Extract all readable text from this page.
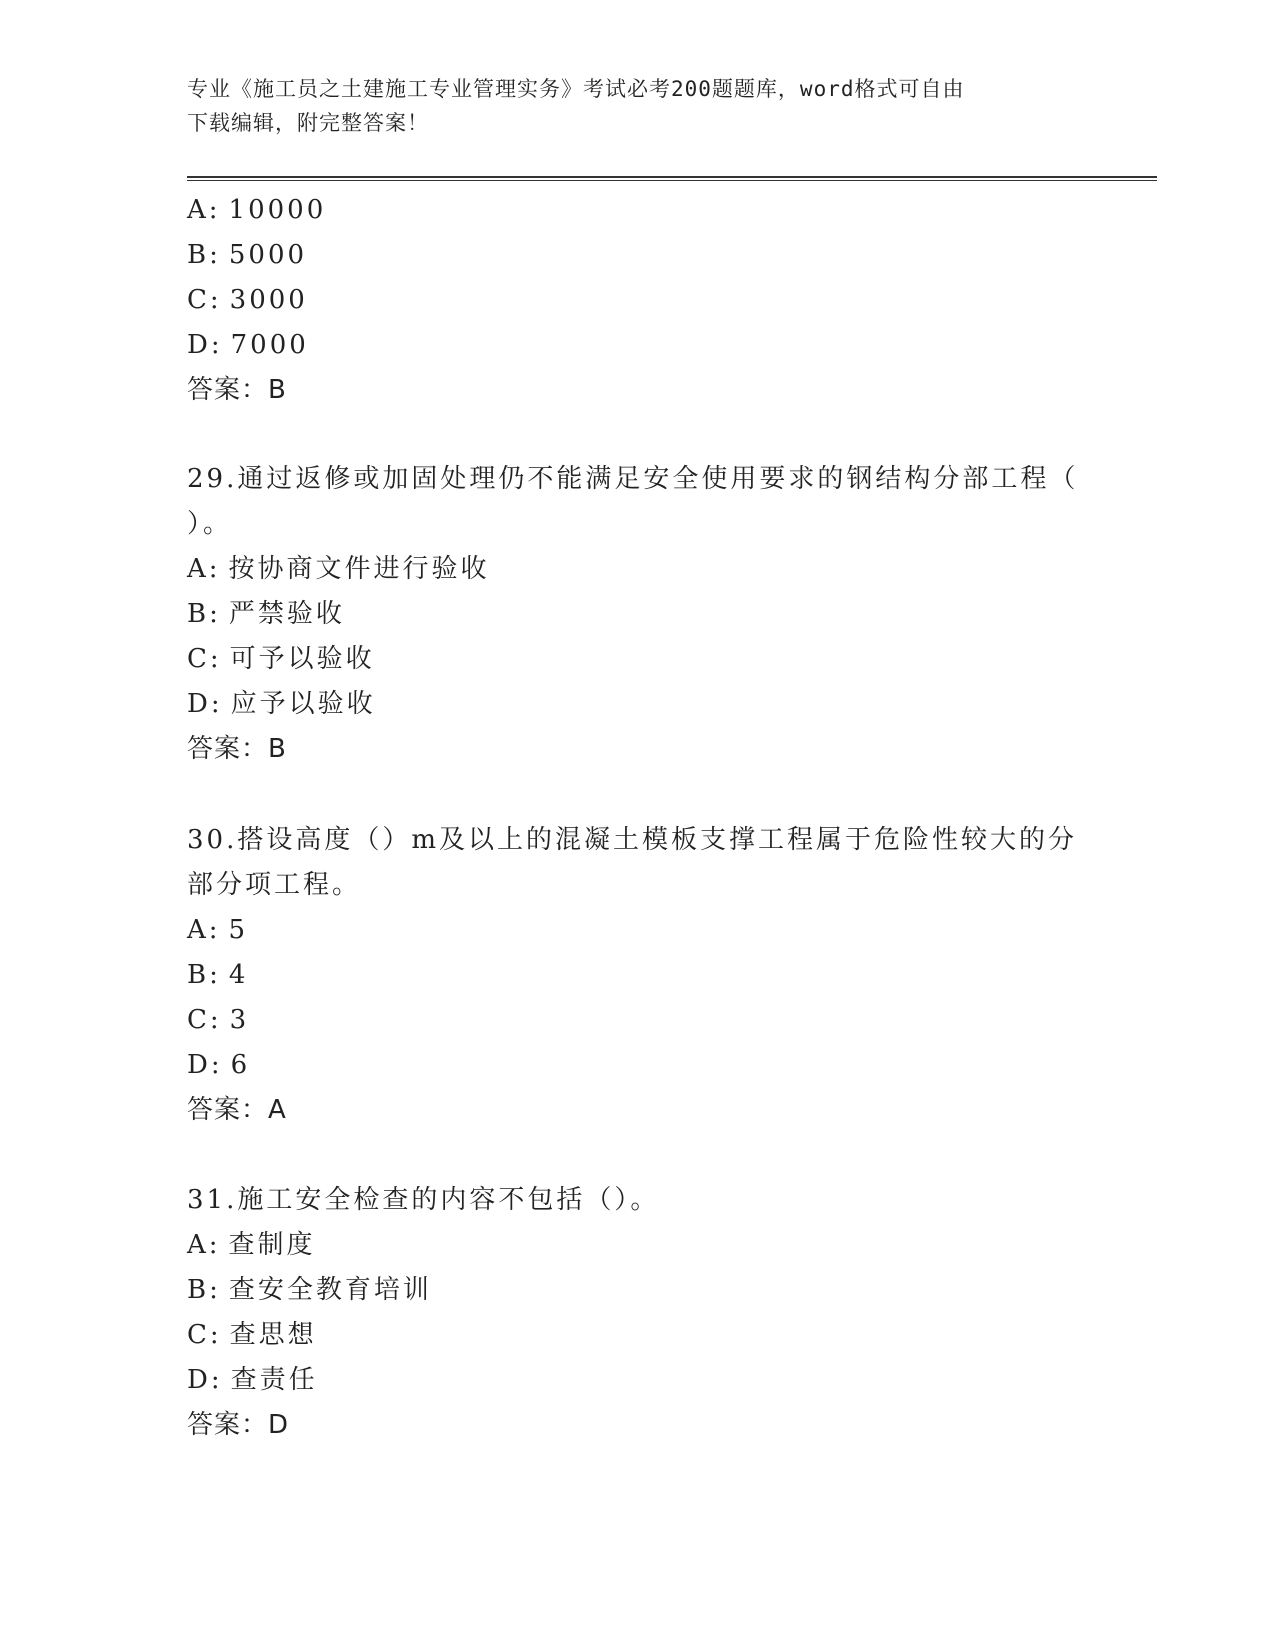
专业《施工员之土建施工专业管理实务》考试必考200题题库，word格式可自由
下载编辑，附完整答案！
A: 10000
B: 5000
C: 3000
D: 7000
答案：B
29.通过返修或加固处理仍不能满足安全使用要求的钢结构分部工程（
）。
A: 按协商文件进行验收
B: 严禁验收
C: 可予以验收
D: 应予以验收
答案：B
30.搭设高度（）m及以上的混凝土模板支撑工程属于危险性较大的分
部分项工程。
A: 5
B: 4
C: 3
D: 6
答案：A
31.施工安全检查的内容不包括（）。
A: 查制度
B: 查安全教育培训
C: 查思想
D: 查责任
答案：D
